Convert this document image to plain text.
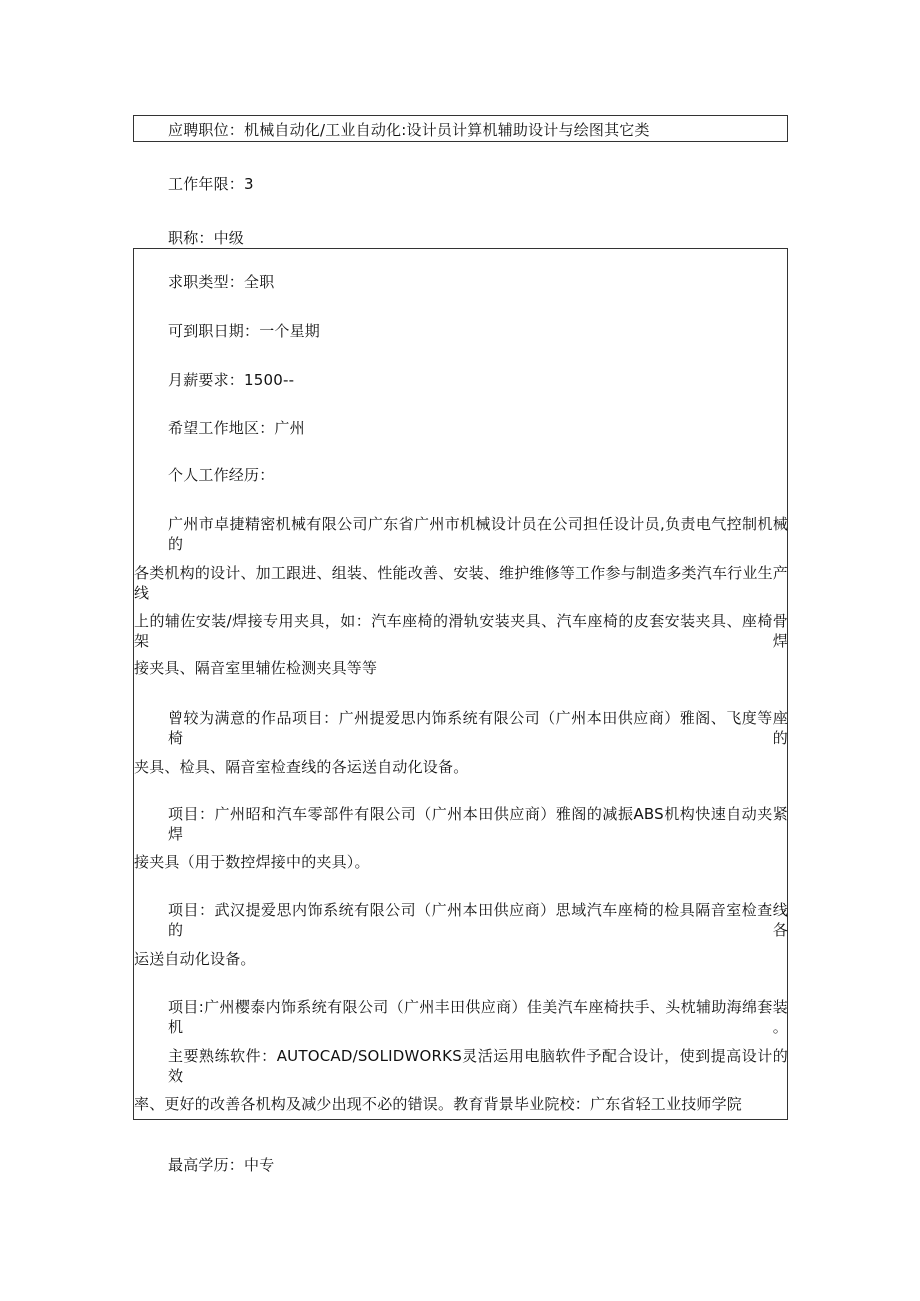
应聘职位：机械自动化/工业自动化:设计员计算机辅助设计与绘图其它类
工作年限：3
职称：中级
求职类型：全职
可到职日期：一个星期
月薪要求：1500--
希望工作地区：广州
个人工作经历：
广州市卓捷精密机械有限公司广东省广州市机械设计员在公司担任设计员,负责电气控制机械的
各类机构的设计、加工跟进、组装、性能改善、安装、维护维修等工作参与制造多类汽车行业生产线
上的辅佐安装/焊接专用夹具，如：汽车座椅的滑轨安装夹具、汽车座椅的皮套安装夹具、座椅骨架焊
接夹具、隔音室里辅佐检测夹具等等
曾较为满意的作品项目：广州提爱思内饰系统有限公司（广州本田供应商）雅阁、飞度等座椅的
夹具、检具、隔音室检查线的各运送自动化设备。
项目：广州昭和汽车零部件有限公司（广州本田供应商）雅阁的减振ABS机构快速自动夹紧焊
接夹具（用于数控焊接中的夹具）。
项目：武汉提爱思内饰系统有限公司（广州本田供应商）思域汽车座椅的检具隔音室检查线的各
运送自动化设备。
项目:广州樱泰内饰系统有限公司（广州丰田供应商）佳美汽车座椅扶手、头枕辅助海绵套装机。
主要熟练软件：AUTOCAD/SOLIDWORKS灵活运用电脑软件予配合设计，使到提高设计的效
率、更好的改善各机构及减少出现不必的错误。教育背景毕业院校：广东省轻工业技师学院
最高学历：中专
